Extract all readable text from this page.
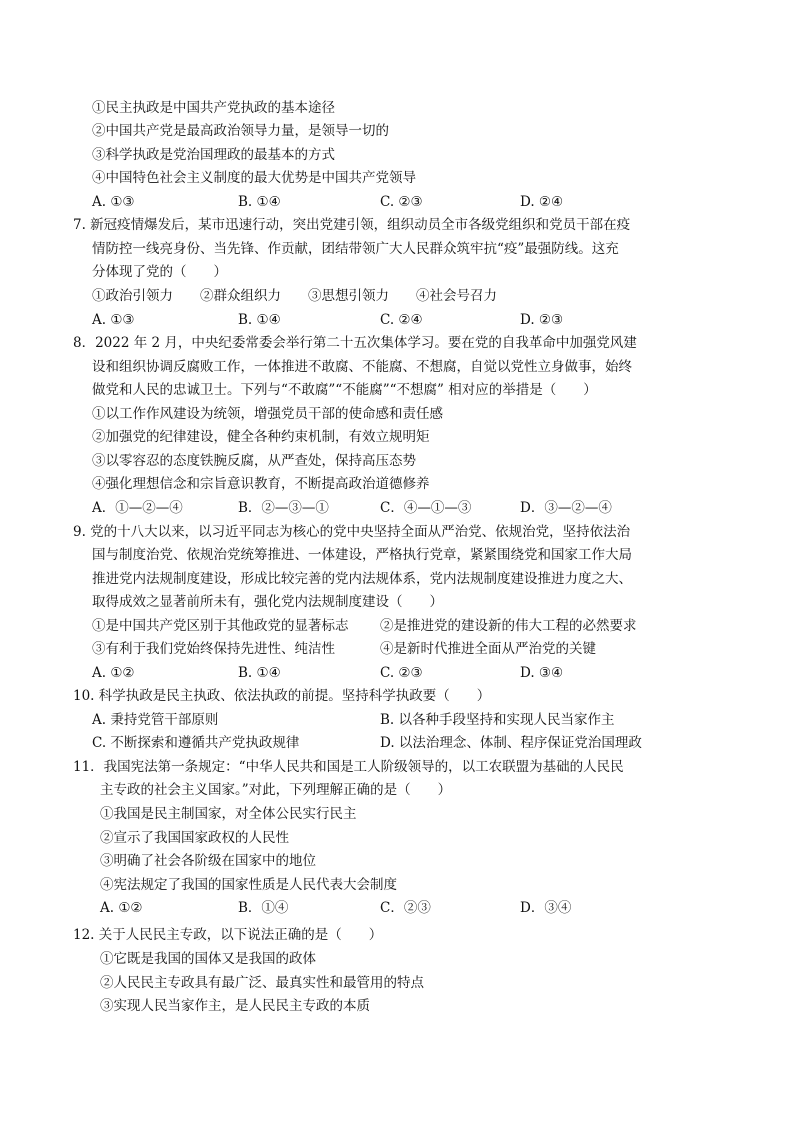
①民主执政是中国共产党执政的基本途径
②中国共产党是最高政治领导力量，是领导一切的
③科学执政是党治国理政的最基本的方式
④中国特色社会主义制度的最大优势是中国共产党领导
A. ①③	B. ①④	C. ②③	D. ②④
7. 新冠疫情爆发后，某市迅速行动，突出党建引领，组织动员全市各级党组织和党员干部在疫
情防控一线亮身份、当先锋、作贡献，团结带领广大人民群众筑牢抗“疫”最强防线。这充
分体现了党的（　　）
①政治引领力　　②群众组织力　　③思想引领力　　④社会号召力
A. ①③	B. ①④	C. ②④	D. ②③
8．2022 年 2 月，中央纪委常委会举行第二十五次集体学习。要在党的自我革命中加强党风建
设和组织协调反腐败工作，一体推进不敢腐、不能腐、不想腐，自觉以党性立身做事，始终
做党和人民的忠诚卫士。下列与“不敢腐”“不能腐”“不想腐” 相对应的举措是（　　）
①以工作作风建设为统领，增强党员干部的使命感和责任感
②加强党的纪律建设，健全各种约束机制，有效立规明矩
③以零容忍的态度铁腕反腐，从严查处，保持高压态势
④强化理想信念和宗旨意识教育，不断提高政治道德修养
A．①—②—④	B．②—③—①	C．④—①—③	D．③—②—④
9. 党的十八大以来，以习近平同志为核心的党中央坚持全面从严治党、依规治党，坚持依法治
国与制度治党、依规治党统筹推进、一体建设，严格执行党章，紧紧围绕党和国家工作大局
推进党内法规制度建设，形成比较完善的党内法规体系，党内法规制度建设推进力度之大、
取得成效之显著前所未有，强化党内法规制度建设（　　）
①是中国共产党区别于其他政党的显著标志 ②是推进党的建设新的伟大工程的必然要求
③有利于我们党始终保持先进性、纯洁性	④是新时代推进全面从严治党的关键
A. ①②	B. ①④	C. ②③	D. ③④
10. 科学执政是民主执政、依法执政的前提。坚持科学执政要（　　）
A. 秉持党管干部原则	B. 以各种手段坚持和实现人民当家作主
C. 不断探索和遵循共产党执政规律	D. 以法治理念、体制、程序保证党治国理政
11．我国宪法第一条规定：“中华人民共和国是工人阶级领导的，以工农联盟为基础的人民民
主专政的社会主义国家。”对此，下列理解正确的是（　　）
①我国是民主制国家，对全体公民实行民主
②宣示了我国国家政权的人民性
③明确了社会各阶级在国家中的地位
④宪法规定了我国的国家性质是人民代表大会制度
A. ①②	B．①④	C．②③	D．③④
12. 关于人民民主专政，以下说法正确的是（　　）
①它既是我国的国体又是我国的政体
②人民民主专政具有最广泛、最真实性和最管用的特点
③实现人民当家作主，是人民民主专政的本质
